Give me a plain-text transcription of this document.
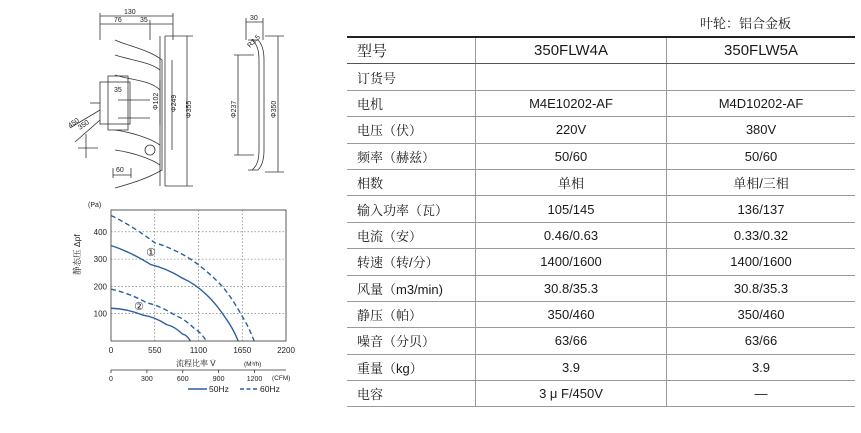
130
76	35
35
Φ102 Φ249 Φ355
60
450
350
30
R3.5
Φ237	Φ350
100
200
300
400
0	550	1100	1650	2200
(Pa)
静态压 Δpf
流程比率 V̇	(M³/h)
0	300	600	900	1200 (CFM)
①
②
50Hz	60Hz
叶轮：铝合金板
型号	350FLW4A	350FLW5A
订货号		
电机	M4E10202-AF	M4D10202-AF
电压（伏）	220V	380V
频率（赫兹）	50/60	50/60
相数	单相	单相/三相
输入功率（瓦）	105/145	136/137
电流（安）	0.46/0.63	0.33/0.32
转速（转/分）	1400/1600	1400/1600
风量（m3/min)	30.8/35.3	30.8/35.3
静压（帕）	350/460	350/460
噪音（分贝）	63/66	63/66
重量（kg）	3.9	3.9
电容	3 μ F/450V	—
